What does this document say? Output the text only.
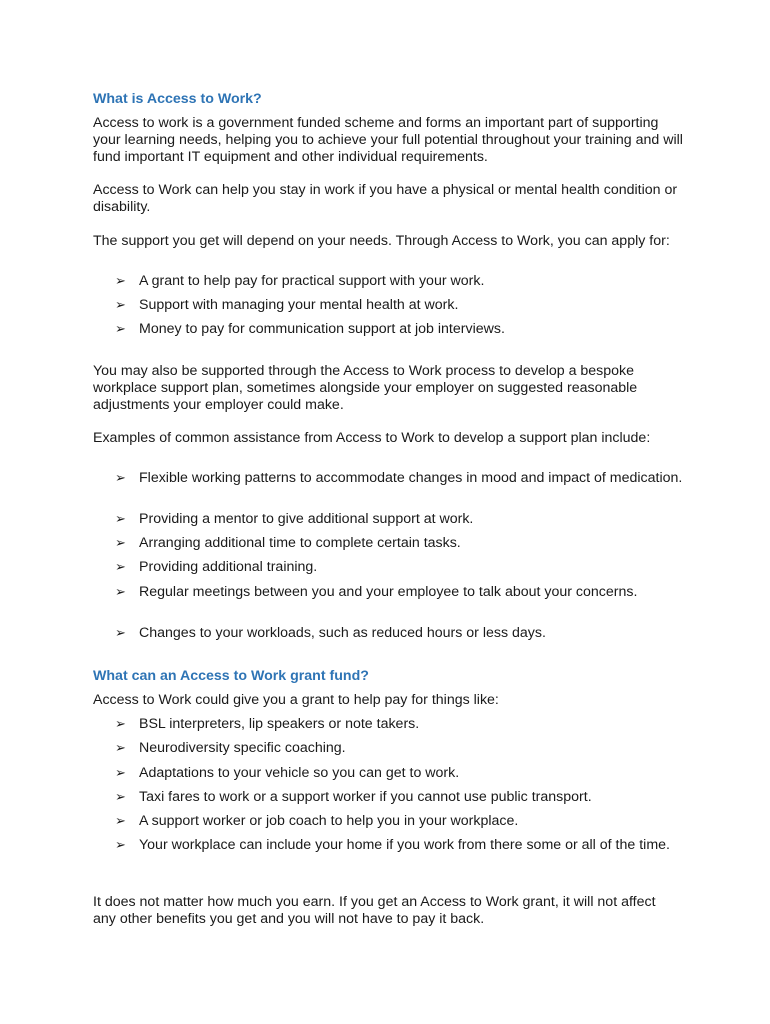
What is Access to Work?

Access to work is a government funded scheme and forms an important part of supporting your learning needs, helping you to achieve your full potential throughout your training and will fund important IT equipment and other individual requirements.

Access to Work can help you stay in work if you have a physical or mental health condition or disability.

The support you get will depend on your needs. Through Access to Work, you can apply for:

➢ A grant to help pay for practical support with your work.
➢ Support with managing your mental health at work.
➢ Money to pay for communication support at job interviews.

You may also be supported through the Access to Work process to develop a bespoke workplace support plan, sometimes alongside your employer on suggested reasonable adjustments your employer could make.

Examples of common assistance from Access to Work to develop a support plan include:

➢ Flexible working patterns to accommodate changes in mood and impact of medication.
➢ Providing a mentor to give additional support at work.
➢ Arranging additional time to complete certain tasks.
➢ Providing additional training.
➢ Regular meetings between you and your employee to talk about your concerns.
➢ Changes to your workloads, such as reduced hours or less days.
What can an Access to Work grant fund?

Access to Work could give you a grant to help pay for things like:

➢ BSL interpreters, lip speakers or note takers.
➢ Neurodiversity specific coaching.
➢ Adaptations to your vehicle so you can get to work.
➢ Taxi fares to work or a support worker if you cannot use public transport.
➢ A support worker or job coach to help you in your workplace.
➢ Your workplace can include your home if you work from there some or all of the time.

It does not matter how much you earn. If you get an Access to Work grant, it will not affect any other benefits you get and you will not have to pay it back.
